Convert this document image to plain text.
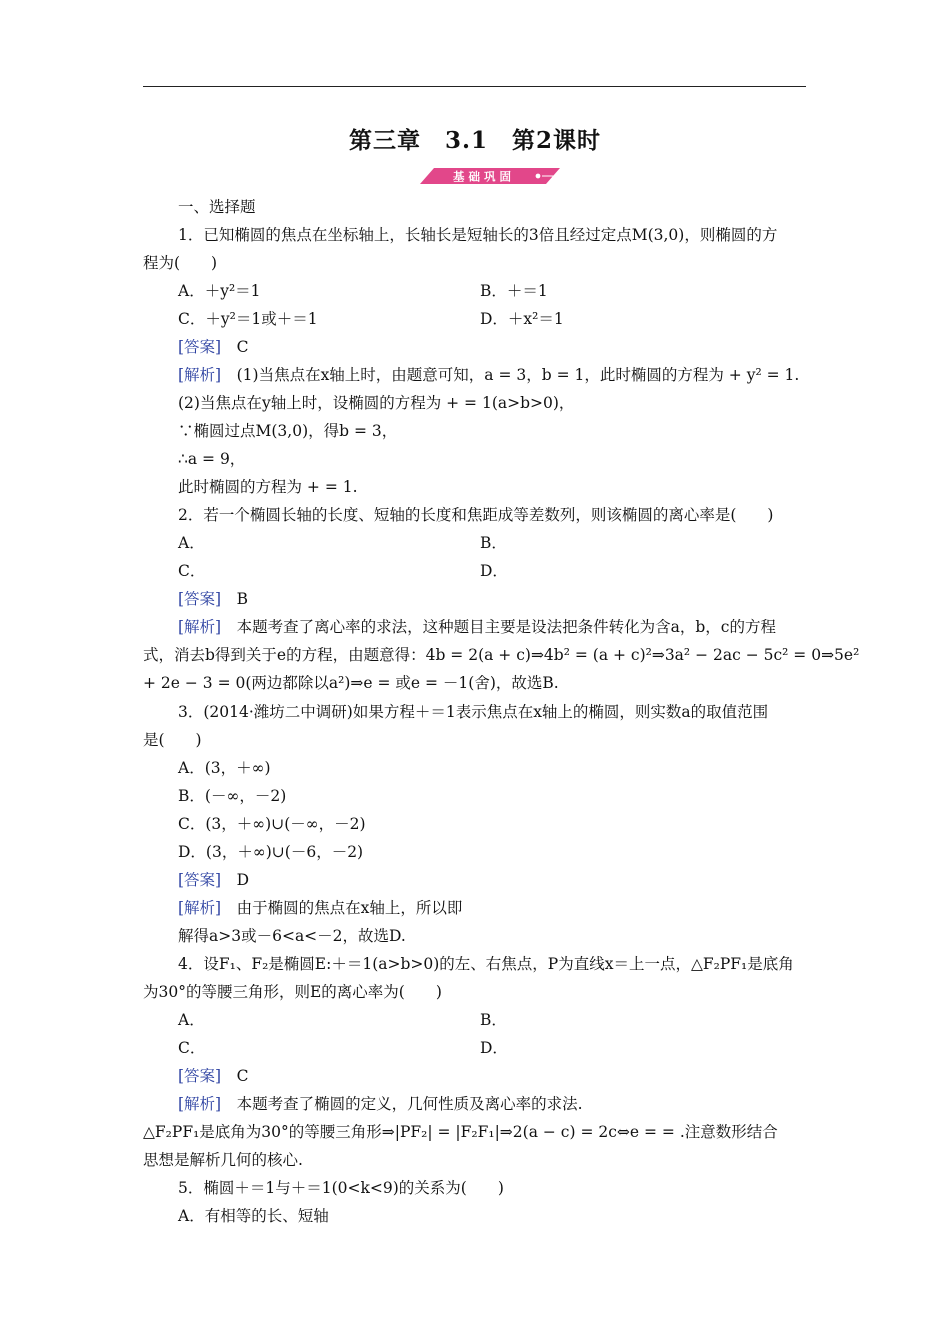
第三章　3.1　第2课时
基 础 巩 固
一、选择题
1．已知椭圆的焦点在坐标轴上，长轴长是短轴长的3倍且经过定点M(3,0)，则椭圆的方
程为(　　)
A．＋y²＝1	B．＋＝1
C．＋y²＝1或＋＝1	D．＋x²＝1
[答案]　C
[解析]　(1)当焦点在x轴上时，由题意可知，a = 3，b = 1，此时椭圆的方程为 + y² = 1.
(2)当焦点在y轴上时，设椭圆的方程为 + = 1(a>b>0)，
∵椭圆过点M(3,0)，得b = 3，
∴a = 9，
此时椭圆的方程为 + = 1.
2．若一个椭圆长轴的长度、短轴的长度和焦距成等差数列，则该椭圆的离心率是(　　)
A．	B．
C．	D．
[答案]　B
[解析]　本题考查了离心率的求法，这种题目主要是设法把条件转化为含a，b，c的方程
式，消去b得到关于e的方程，由题意得：4b = 2(a + c)⇒4b² = (a + c)²⇒3a² − 2ac − 5c² = 0⇒5e²
+ 2e − 3 = 0(两边都除以a²)⇒e = 或e = －1(舍)，故选B.
3．(2014·潍坊二中调研)如果方程＋＝1表示焦点在x轴上的椭圆，则实数a的取值范围
是(　　)
A．(3，＋∞)
B．(－∞，－2)
C．(3，＋∞)∪(－∞，－2)
D．(3，＋∞)∪(－6，－2)
[答案]　D
[解析]　由于椭圆的焦点在x轴上，所以即
解得a>3或－6<a<－2，故选D.
4．设F₁、F₂是椭圆E:＋＝1(a>b>0)的左、右焦点，P为直线x＝上一点，△F₂PF₁是底角
为30°的等腰三角形，则E的离心率为(　　)
A．	B．
C．	D．
[答案]　C
[解析]　本题考查了椭圆的定义，几何性质及离心率的求法.
△F₂PF₁是底角为30°的等腰三角形⇒|PF₂| = |F₂F₁|⇒2(a − c) = 2c⇔e = = .注意数形结合
思想是解析几何的核心.
5．椭圆＋＝1与＋＝1(0<k<9)的关系为(　　)
A．有相等的长、短轴
